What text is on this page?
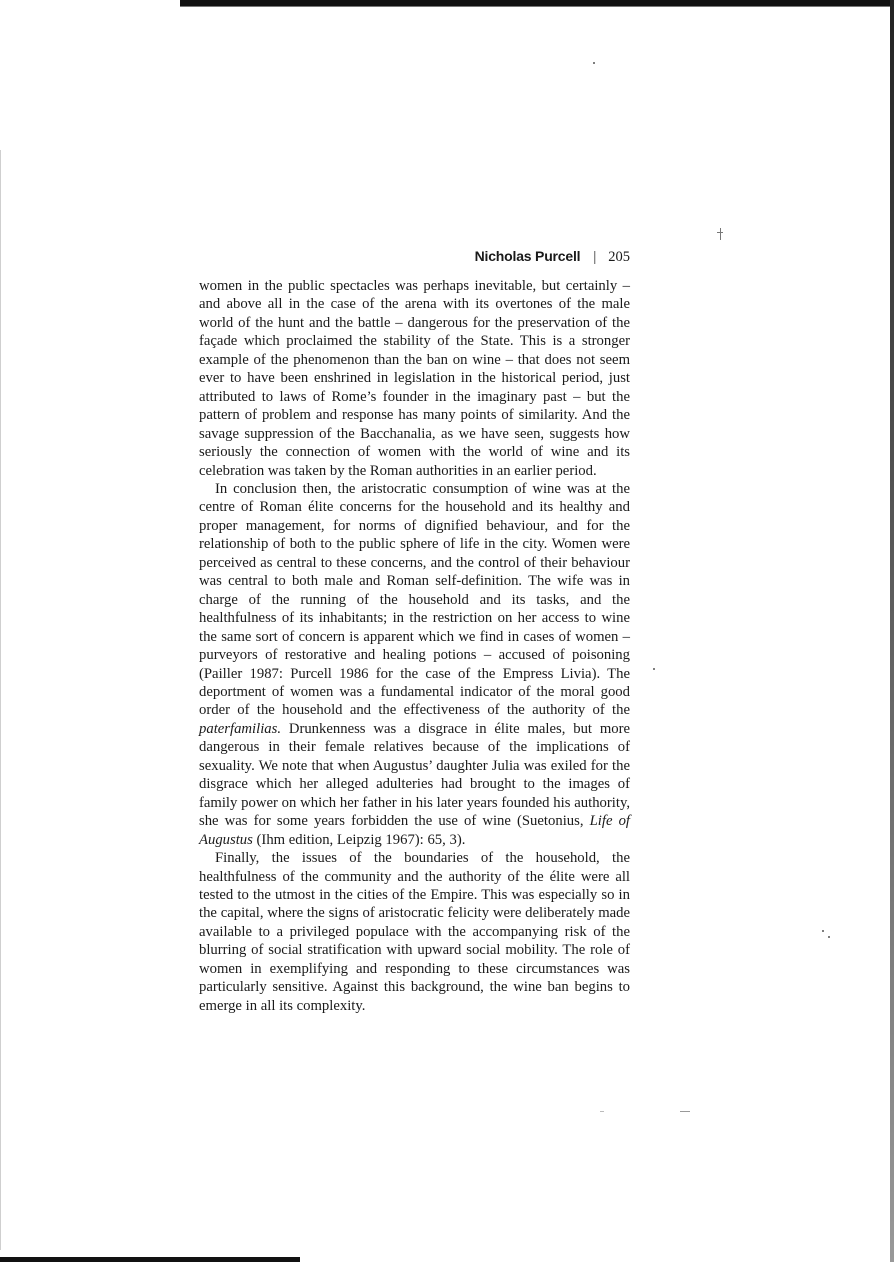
Nicholas Purcell | 205

women in the public spectacles was perhaps inevitable, but certainly – and above all in the case of the arena with its overtones of the male world of the hunt and the battle – dangerous for the preservation of the façade which proclaimed the stability of the State. This is a stronger example of the phenomenon than the ban on wine – that does not seem ever to have been enshrined in legislation in the historical period, just attributed to laws of Rome’s founder in the imaginary past – but the pattern of problem and response has many points of similarity. And the savage suppression of the Bacchanalia, as we have seen, suggests how seriously the connection of women with the world of wine and its celebration was taken by the Roman authorities in an earlier period.

In conclusion then, the aristocratic consumption of wine was at the centre of Roman élite concerns for the household and its healthy and proper management, for norms of dignified behaviour, and for the relationship of both to the public sphere of life in the city. Women were perceived as central to these concerns, and the control of their behaviour was central to both male and Roman self-definition. The wife was in charge of the running of the household and its tasks, and the healthfulness of its inhabitants; in the restriction on her access to wine the same sort of concern is apparent which we find in cases of women – purveyors of restorative and healing potions – accused of poisoning (Pailler 1987: Purcell 1986 for the case of the Empress Livia). The deportment of women was a fundamental indicator of the moral good order of the household and the effectiveness of the authority of the paterfamilias. Drunkenness was a disgrace in élite males, but more dangerous in their female relatives because of the implications of sexuality. We note that when Augustus’ daughter Julia was exiled for the disgrace which her alleged adulteries had brought to the images of family power on which her father in his later years founded his authority, she was for some years forbidden the use of wine (Suetonius, Life of Augustus (Ihm edition, Leipzig 1967): 65, 3).

Finally, the issues of the boundaries of the household, the healthfulness of the community and the authority of the élite were all tested to the utmost in the cities of the Empire. This was especially so in the capital, where the signs of aristocratic felicity were deliberately made available to a privileged populace with the accompanying risk of the blurring of social stratification with upward social mobility. The role of women in exemplifying and responding to these circumstances was particularly sensitive. Against this background, the wine ban begins to emerge in all its complexity.
